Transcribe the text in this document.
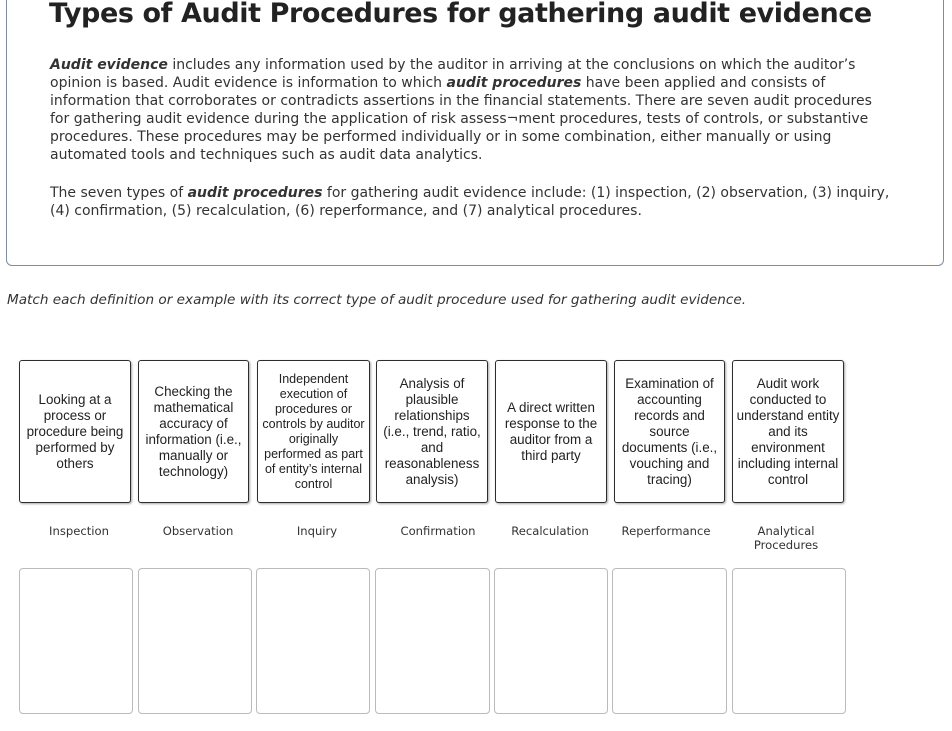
Types of Audit Procedures for gathering audit evidence

Audit evidence includes any information used by the auditor in arriving at the conclusions on which the auditor’s opinion is based. Audit evidence is information to which audit procedures have been applied and consists of information that corroborates or contradicts assertions in the financial statements. There are seven audit procedures for gathering audit evidence during the application of risk assess¬ment procedures, tests of controls, or substantive procedures. These procedures may be performed individually or in some combination, either manually or using automated tools and techniques such as audit data analytics.

The seven types of audit procedures for gathering audit evidence include: (1) inspection, (2) observation, (3) inquiry, (4) confirmation, (5) recalculation, (6) reperformance, and (7) analytical procedures.

Match each definition or example with its correct type of audit procedure used for gathering audit evidence.

Looking at a process or procedure being performed by others
Checking the mathematical accuracy of information (i.e., manually or technology)
Independent execution of procedures or controls by auditor originally performed as part of entity’s internal control
Analysis of plausible relationships (i.e., trend, ratio, and reasonableness analysis)
A direct written response to the auditor from a third party
Examination of accounting records and source documents (i.e., vouching and tracing)
Audit work conducted to understand entity and its environment including internal control
Inspection	Observation	Inquiry	Confirmation	Recalculation	Reperformance	Analytical Procedures
